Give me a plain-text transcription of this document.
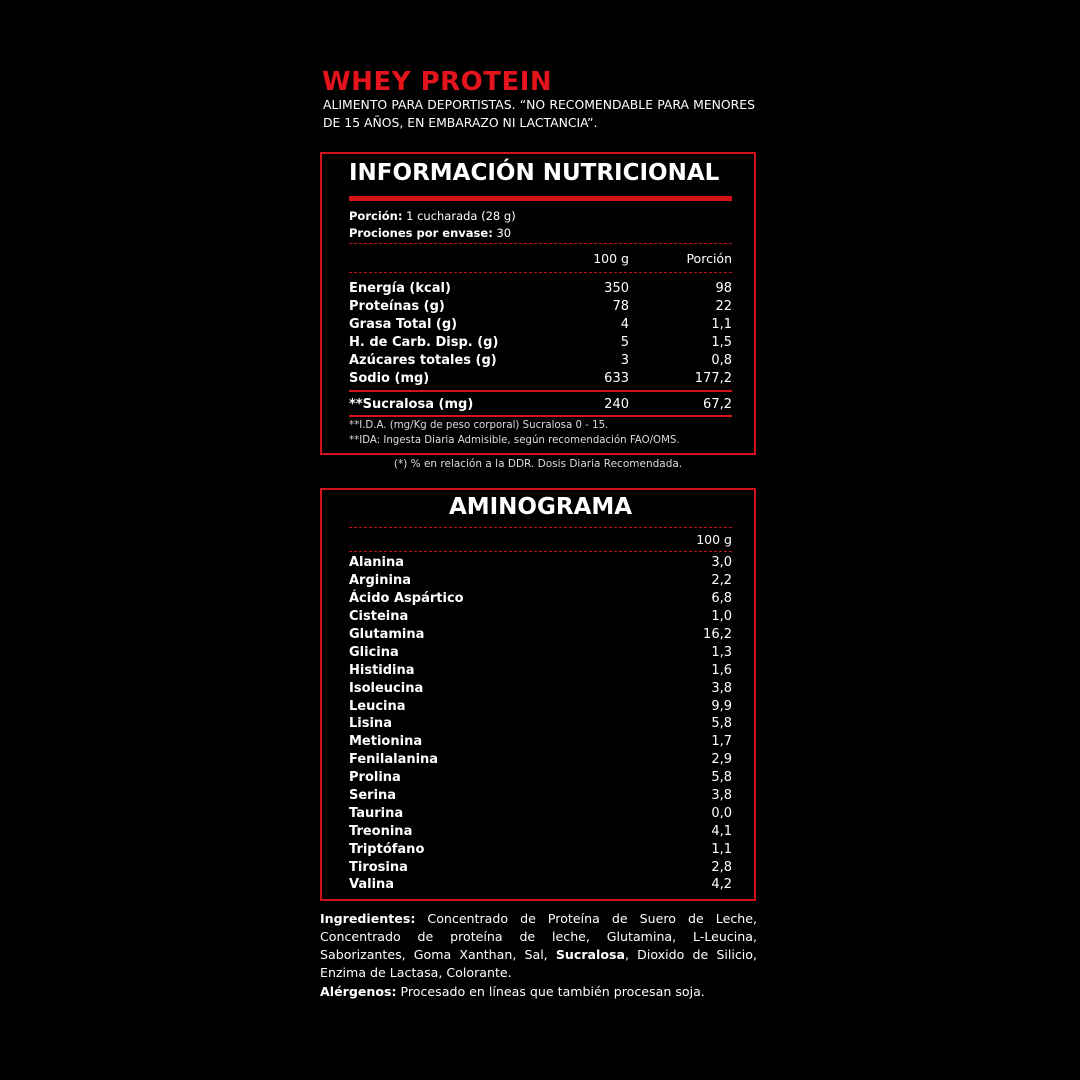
WHEY PROTEIN

ALIMENTO PARA DEPORTISTAS. “NO RECOMENDABLE PARA MENORES DE 15 AÑOS, EN EMBARAZO NI LACTANCIA”.

INFORMACIÓN NUTRICIONAL
Porción: 1 cucharada (28 g)
Prociones por envase: 30
100 g	Porción
Energía (kcal)	350	98
Proteínas (g)	78	22
Grasa Total (g)	4	1,1
H. de Carb. Disp. (g)	5	1,5
Azúcares totales (g)	3	0,8
Sodio (mg)	633	177,2
**Sucralosa (mg)	240	67,2
**I.D.A. (mg/Kg de peso corporal) Sucralosa 0 - 15.
**IDA: Ingesta Diaria Admisible, según recomendación FAO/OMS.
(*) % en relación a la DDR. Dosis Diaria Recomendada.
AMINOGRAMA
100 g
Alanina	3,0
Arginina	2,2
Ácido Aspártico	6,8
Cisteina	1,0
Glutamina	16,2
Glicina	1,3
Histidina	1,6
Isoleucina	3,8
Leucina	9,9
Lisina	5,8
Metionina	1,7
Fenilalanina	2,9
Prolina	5,8
Serina	3,8
Taurina	0,0
Treonina	4,1
Triptófano	1,1
Tirosina	2,8
Valina	4,2

Ingredientes: Concentrado de Proteína de Suero de Leche, Concentrado de proteína de leche, Glutamina, L-Leucina, Saborizantes, Goma Xanthan, Sal, Sucralosa, Dioxido de Silicio, Enzima de Lactasa, Colorante.

Alérgenos: Procesado en líneas que también procesan soja.
